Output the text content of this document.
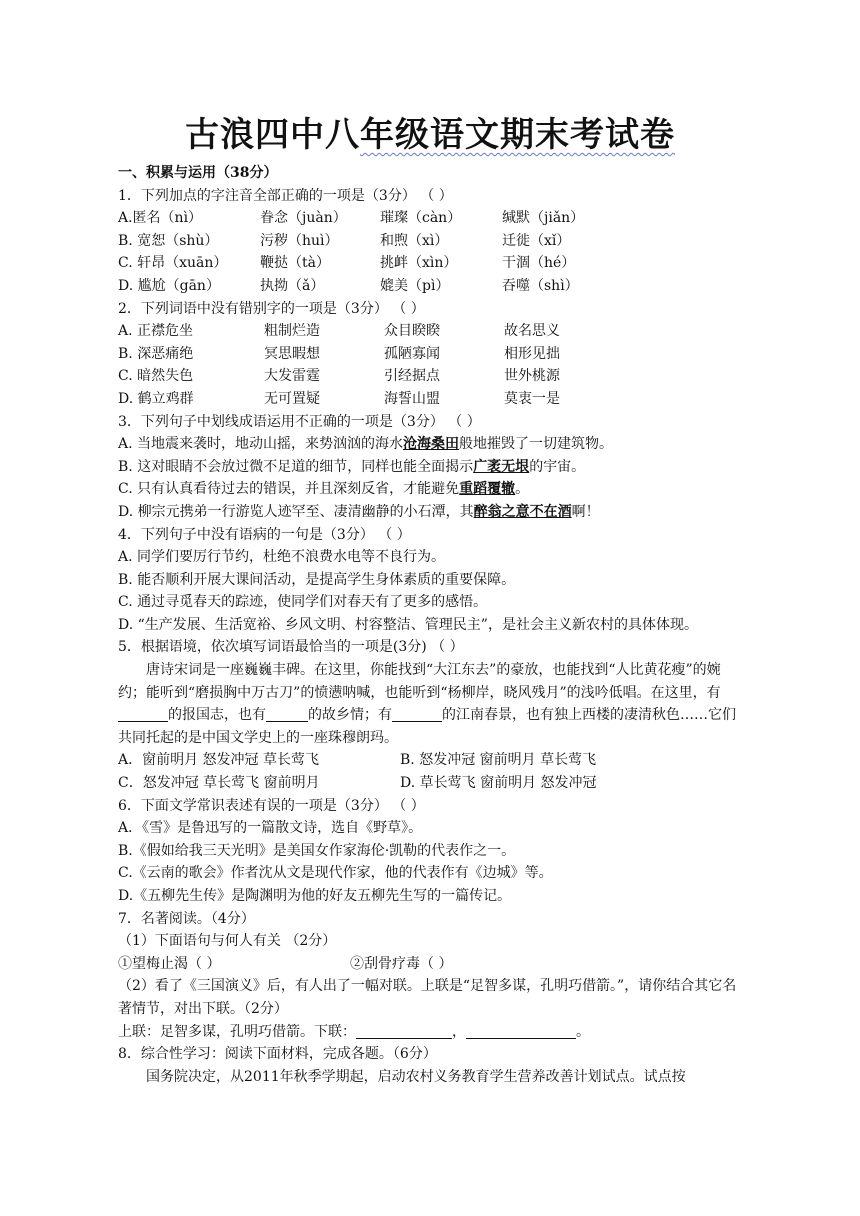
古浪四中八年级语文期末考试卷
一、积累与运用（38分）
1．下列加点的字注音全部正确的一项是（3分） （ ）
A.匿名（nì）	眷念（juàn） 璀璨（càn）	缄默（jiǎn）
B. 宽恕（shù）	污秽（huì）	和煦（xì）	迁徙（xǐ）
C. 轩昂（xuān） 鞭挞（tà）	挑衅（xìn）	干涸（hé）
D. 尴尬（gān）	执拗（ǎ）	媲美（pì）	吞噬（shì）
2．下列词语中没有错别字的一项是（3分） （ ）
A. 正襟危坐	粗制烂造	众目睽睽	故名思义
B. 深恶痛绝	冥思暇想	孤陋寡闻	相形见拙
C. 暗然失色	大发雷霆	引经据点	世外桃源
D. 鹤立鸡群	无可置疑	海誓山盟	莫衷一是
3．下列句子中划线成语运用不正确的一项是（3分） （ ）
A. 当地震来袭时，地动山摇，来势汹汹的海水沧海桑田般地摧毁了一切建筑物。
B. 这对眼睛不会放过微不足道的细节，同样也能全面揭示广袤无垠的宇宙。
C. 只有认真看待过去的错误，并且深刻反省，才能避免重蹈覆辙。
D. 柳宗元携弟一行游览人迹罕至、凄清幽静的小石潭，其醉翁之意不在酒啊！
4．下列句子中没有语病的一句是（3分） （ ）
A. 同学们要厉行节约，杜绝不浪费水电等不良行为。
B. 能否顺利开展大课间活动，是提高学生身体素质的重要保障。
C. 通过寻觅春天的踪迹，使同学们对春天有了更多的感悟。
D. “生产发展、生活宽裕、乡风文明、村容整洁、管理民主”，是社会主义新农村的具体体现。
5．根据语境，依次填写词语最恰当的一项是(3分) （ ）
唐诗宋词是一座巍巍丰碑。在这里，你能找到“大江东去”的豪放，也能找到“人比黄花瘦”的婉约；能听到“磨损胸中万古刀”的愤懑呐喊，也能听到“杨柳岸，晓风残月”的浅吟低唱。在这里，有的报国志，也有	的故乡情；有	的江南春景，也有独上西楼的凄清秋色……它们共同托起的是中国文学史上的一座珠穆朗玛。
A．窗前明月 怒发冲冠 草长莺飞	B. 怒发冲冠 窗前明月 草长莺飞
C．怒发冲冠 草长莺飞 窗前明月	D. 草长莺飞 窗前明月 怒发冲冠
6．下面文学常识表述有误的一项是（3分） （ ）
A．《雪》是鲁迅写的一篇散文诗，选自《野草》。
B.《假如给我三天光明》是美国女作家海伦·凯勒的代表作之一。
C.《云南的歌会》作者沈从文是现代作家，他的代表作有《边城》等。
D.《五柳先生传》是陶渊明为他的好友五柳先生写的一篇传记。
7．名著阅读。（4分）
（1）下面语句与何人有关 （2分）
①望梅止渴（ ）	②刮骨疗毒（ ）
（2）看了《三国演义》后，有人出了一幅对联。上联是“足智多谋，孔明巧借箭。”，请你结合其它名著情节，对出下联。（2分）
上联：足智多谋，孔明巧借箭。下联：	，	。
8．综合性学习：阅读下面材料，完成各题。（6分）
国务院决定，从2011年秋季学期起，启动农村义务教育学生营养改善计划试点。试点按
